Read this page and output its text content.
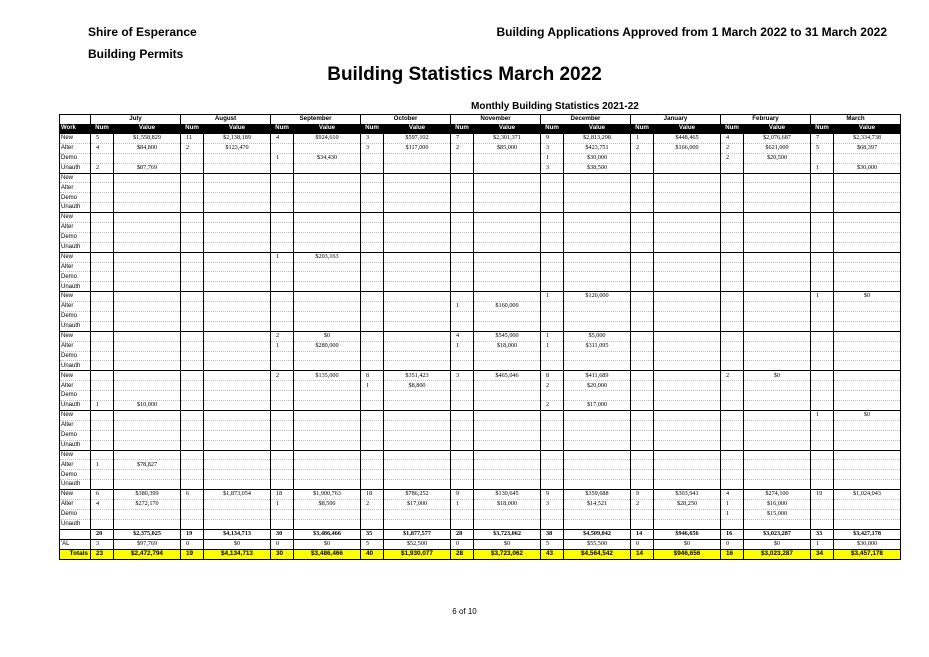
Shire of Esperance
Building Permits
Building Applications Approved from 1 March 2022 to 31 March 2022
Building Statistics March 2022
Monthly Building Statistics 2021-22
	July		August		September		October		November		December		January		February		March	
Work	Num	Value	Num	Value	Num	Value	Num	Value	Num	Value	Num	Value	Num	Value	Num	Value	Num	Value
New	5	$1,558,829	11	$2,138,189	4	$924,610	3	$597,102	7	$2,301,371	9	$2,813,298	1	$448,465	4	$2,076,687	7	$2,334,738
Alter	4	$84,800	2	$123,470			3	$117,000	2	$85,000	3	$423,751	2	$166,000	2	$621,000	5	$68,397
Demo					1	$34,430					1	$30,000			2	$20,500		
Unauth	2	$87,769									3	$38,500					1	$30,000
New																		
Alter																		
Demo																		
Unauth																		
New																		
Alter																		
Demo																		
Unauth																		
New					1	$203,163												
Alter																		
Demo																		
Unauth																		
New											1	$120,000					1	$0
Alter									1	$160,000								
Demo																		
Unauth																		
New					2	$0			4	$545,000	1	$5,000						
Alter					1	$280,000			1	$18,000	1	$311,095						
Demo																		
Unauth																		
New					2	$135,000	8	$351,423	3	$465,046	8	$411,689			2	$0		
Alter							1	$8,800			2	$20,000						
Demo																		
Unauth	1	$10,000									2	$17,000						
New																	1	$0
Alter																		
Demo																		
Unauth																		
New																		
Alter	1	$78,827																
Demo																		
Unauth																		
New	6	$380,399	6	$1,873,054	18	$1,900,763	18	$786,252	9	$130,645	9	$359,688	9	$303,941	4	$274,100	19	$1,024,043
Alter	4	$272,170			1	$8,500	2	$17,000	1	$18,000	3	$14,521	2	$28,250	1	$16,000		
Demo															1	$15,000		
Unauth																		
	20	$2,375,025	19	$4,134,713	30	$3,486,466	35	$1,877,577	28	$3,723,062	38	$4,509,042	14	$946,656	16	$3,023,287	33	$3,427,178
'AL	3	$97,769	0	$0	0	$0	5	$52,500	0	$0	5	$55,500	0	$0	0	$0	1	$30,000
Totals	23	$2,472,794	19	$4,134,713	30	$3,486,466	40	$1,930,077	28	$3,723,062	43	$4,564,542	14	$946,656	16	$3,023,287	34	$3,457,178
6 of 10
